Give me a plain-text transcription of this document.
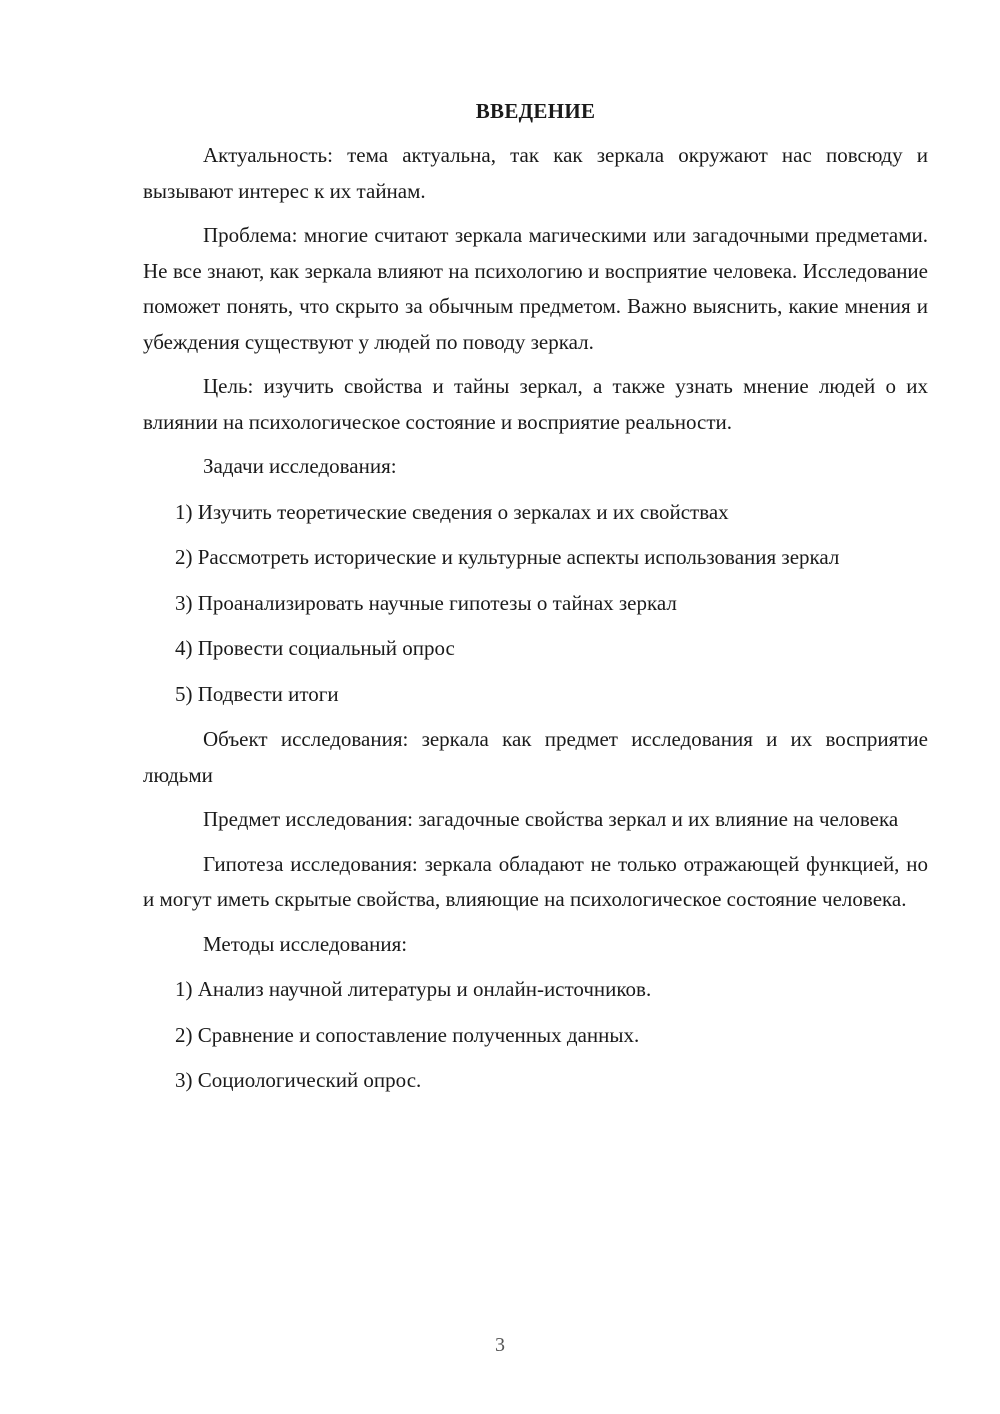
ВВЕДЕНИЕ

Актуальность: тема актуальна, так как зеркала окружают нас повсюду и вызывают интерес к их тайнам.

Проблема: многие считают зеркала магическими или загадочными предметами. Не все знают, как зеркала влияют на психологию и восприятие человека. Исследование поможет понять, что скрыто за обычным предметом. Важно выяснить, какие мнения и убеждения существуют у людей по поводу зеркал.

Цель: изучить свойства и тайны зеркал, а также узнать мнение людей о их влиянии на психологическое состояние и восприятие реальности.

Задачи исследования:

1) Изучить теоретические сведения о зеркалах и их свойствах

2) Рассмотреть исторические и культурные аспекты использования зеркал

3) Проанализировать научные гипотезы о тайнах зеркал

4) Провести социальный опрос

5) Подвести итоги

Объект исследования: зеркала как предмет исследования и их восприятие людьми

Предмет исследования: загадочные свойства зеркал и их влияние на человека

Гипотеза исследования: зеркала обладают не только отражающей функцией, но и могут иметь скрытые свойства, влияющие на психологическое состояние человека.

Методы исследования:

1) Анализ научной литературы и онлайн-источников.

2) Сравнение и сопоставление полученных данных.

3) Социологический опрос.

3
